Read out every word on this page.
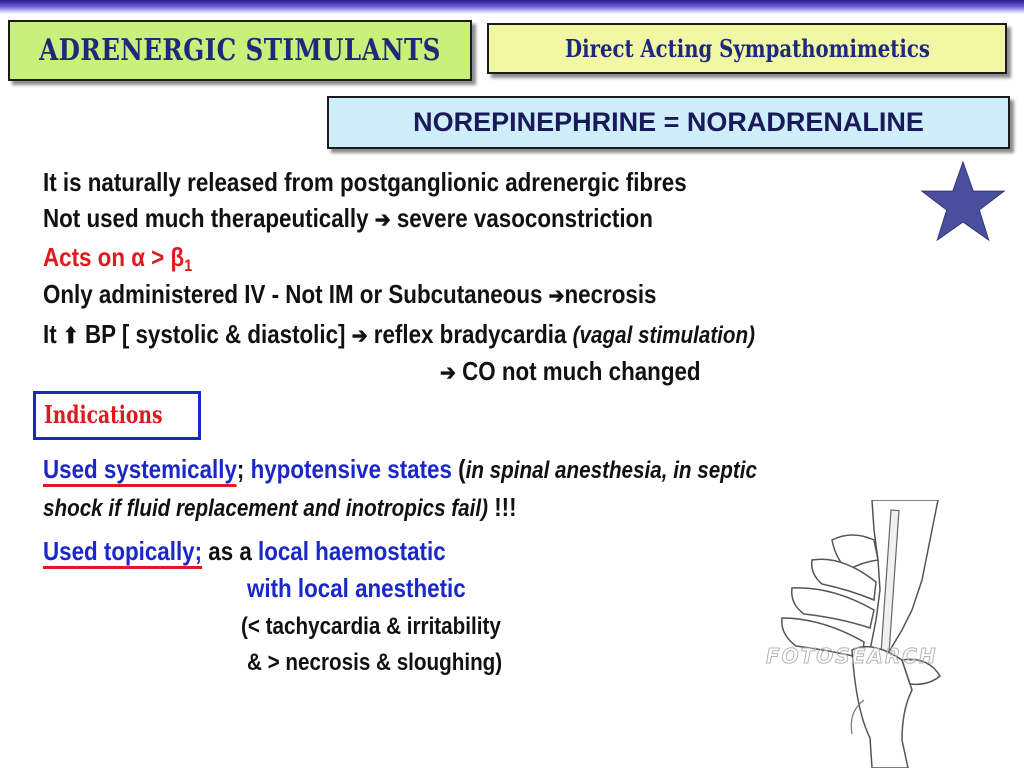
ADRENERGIC STIMULANTS	Direct Acting Sympathomimetics
NOREPINEPHRINE = NORADRENALINE
It is naturally released from postganglionic adrenergic fibres
Not used much therapeutically ➔ severe vasoconstriction
Acts on $\alpha > \beta_1$
Only administered IV - Not IM or Subcutaneous ➔necrosis
It ⬆ BP [ systolic & diastolic] ➔ reflex bradycardia (vagal stimulation)
➔ CO not much changed
Indications
Used systemically; hypotensive states (in spinal anesthesia, in septic
shock if fluid replacement and inotropics fail) !!!
Used topically; as a local haemostatic
with local anesthetic
(< tachycardia & irritability
& > necrosis & sloughing)	FOTOSEARCH
